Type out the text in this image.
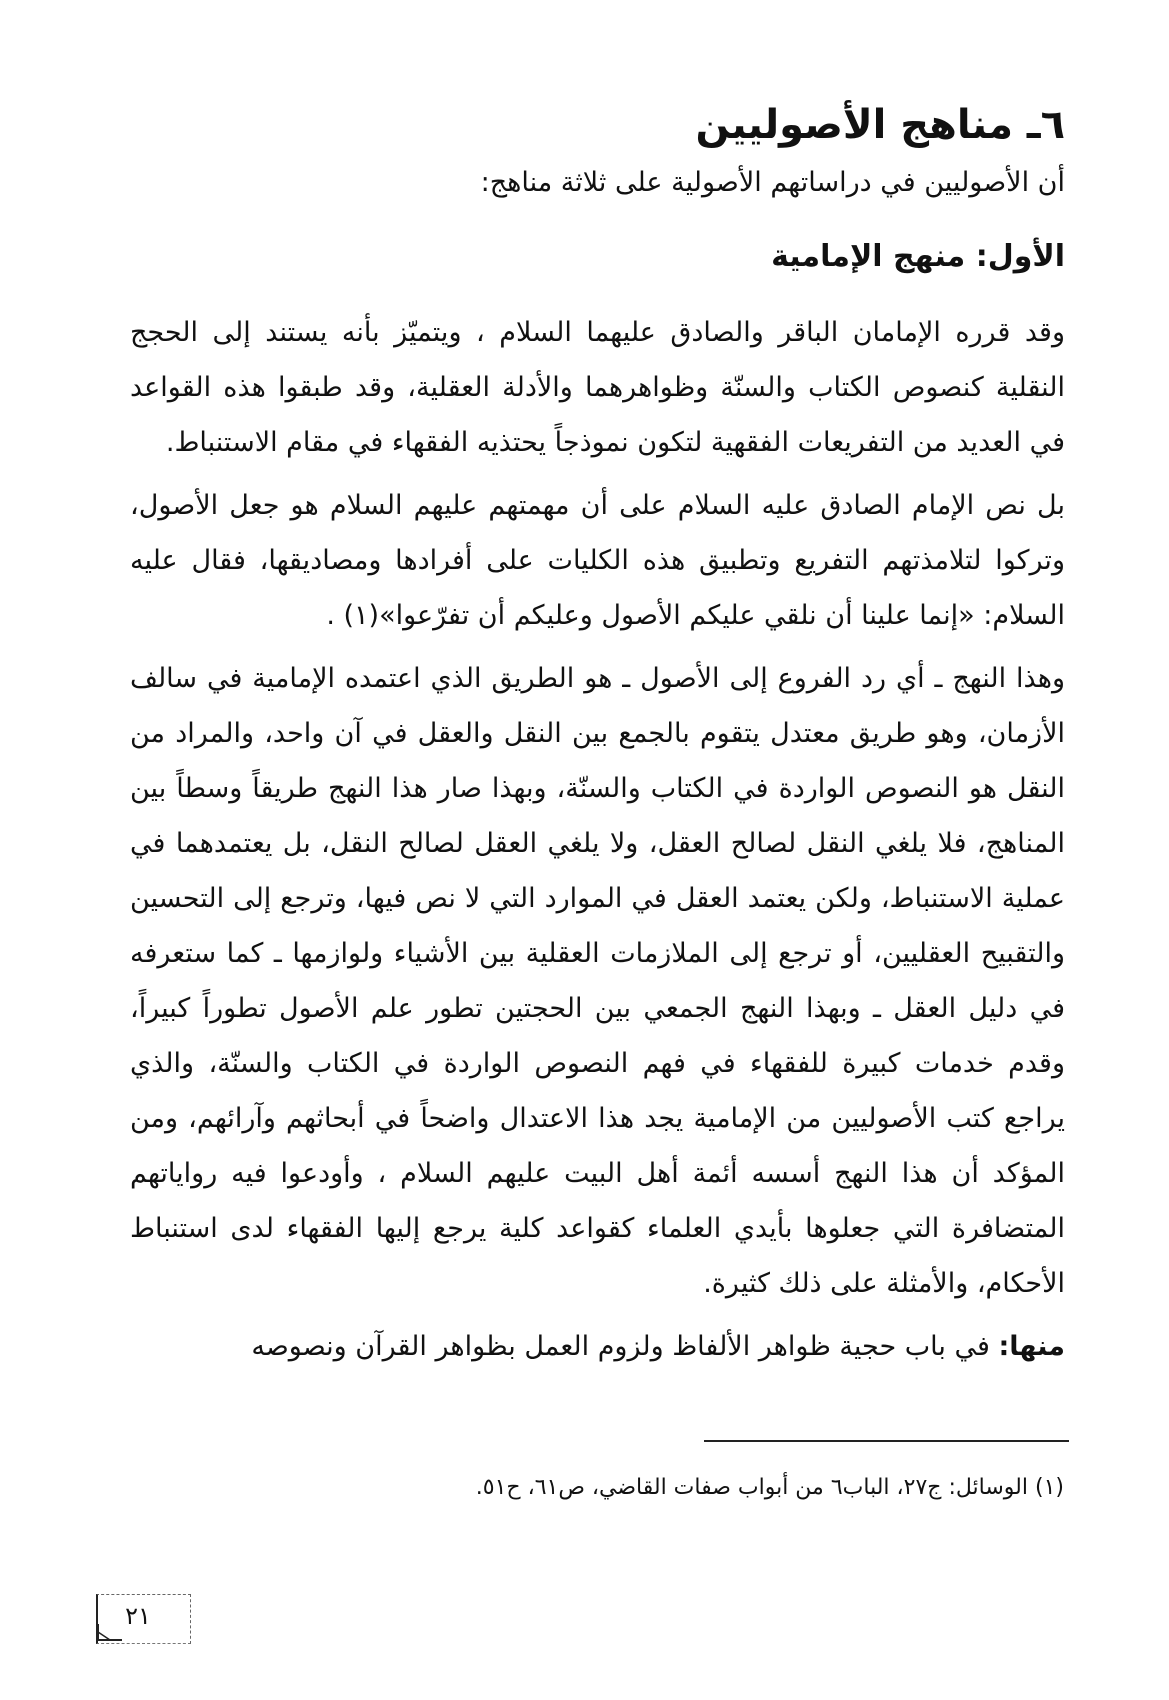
٦ـ مناهج الأصوليين

أن الأصوليين في دراساتهم الأصولية على ثلاثة مناهج:

الأول: منهج الإمامية

وقد قرره الإمامان الباقر والصادق عليهما السلام ، ويتميّز بأنه يستند إلى الحجج النقلية كنصوص الكتاب والسنّة وظواهرهما والأدلة العقلية، وقد طبقوا هذه القواعد في العديد من التفريعات الفقهية لتكون نموذجاً يحتذيه الفقهاء في مقام الاستنباط.

بل نص الإمام الصادق عليه السلام على أن مهمتهم عليهم السلام هو جعل الأصول، وتركوا لتلامذتهم التفريع وتطبيق هذه الكليات على أفرادها ومصاديقها، فقال عليه السلام: «إنما علينا أن نلقي عليكم الأصول وعليكم أن تفرّعوا»(١) .

وهذا النهج ـ أي رد الفروع إلى الأصول ـ هو الطريق الذي اعتمده الإمامية في سالف الأزمان، وهو طريق معتدل يتقوم بالجمع بين النقل والعقل في آن واحد، والمراد من النقل هو النصوص الواردة في الكتاب والسنّة، وبهذا صار هذا النهج طريقاً وسطاً بين المناهج، فلا يلغي النقل لصالح العقل، ولا يلغي العقل لصالح النقل، بل يعتمدهما في عملية الاستنباط، ولكن يعتمد العقل في الموارد التي لا نص فيها، وترجع إلى التحسين والتقبيح العقليين، أو ترجع إلى الملازمات العقلية بين الأشياء ولوازمها ـ كما ستعرفه في دليل العقل ـ وبهذا النهج الجمعي بين الحجتين تطور علم الأصول تطوراً كبيراً، وقدم خدمات كبيرة للفقهاء في فهم النصوص الواردة في الكتاب والسنّة، والذي يراجع كتب الأصوليين من الإمامية يجد هذا الاعتدال واضحاً في أبحاثهم وآرائهم، ومن المؤكد أن هذا النهج أسسه أئمة أهل البيت عليهم السلام ، وأودعوا فيه رواياتهم المتضافرة التي جعلوها بأيدي العلماء كقواعد كلية يرجع إليها الفقهاء لدى استنباط الأحكام، والأمثلة على ذلك كثيرة.

منها: في باب حجية ظواهر الألفاظ ولزوم العمل بظواهر القرآن ونصوصه

(١) الوسائل: ج٢٧، الباب٦ من أبواب صفات القاضي، ص٦١، ح٥١.
٢١
